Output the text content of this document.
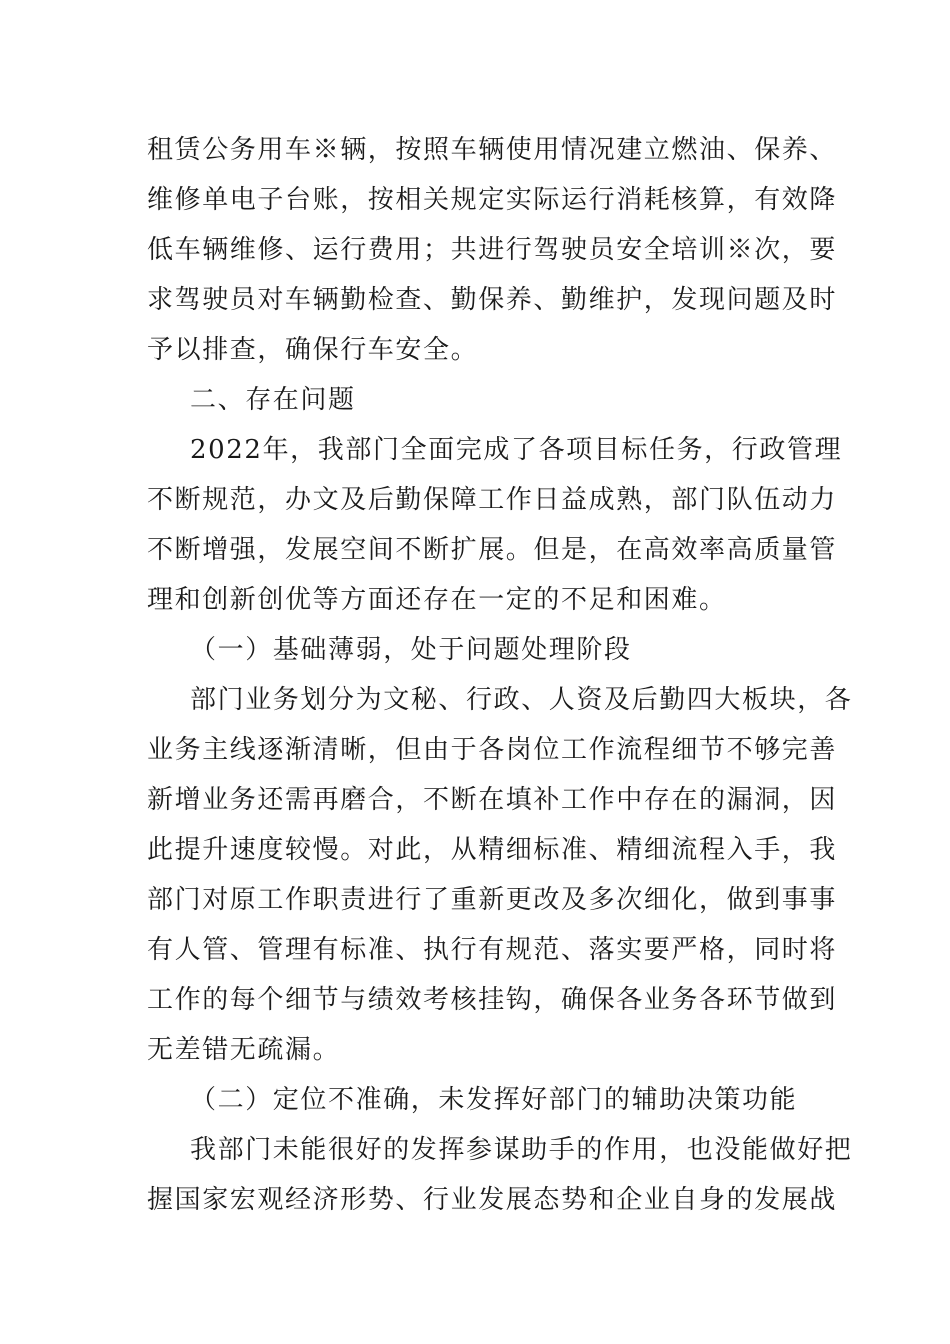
租赁公务用车※辆，按照车辆使用情况建立燃油、保养、
维修单电子台账，按相关规定实际运行消耗核算，有效降
低车辆维修、运行费用；共进行驾驶员安全培训※次，要
求驾驶员对车辆勤检查、勤保养、勤维护，发现问题及时
予以排查，确保行车安全。
二、存在问题
2022年，我部门全面完成了各项目标任务，行政管理
不断规范，办文及后勤保障工作日益成熟，部门队伍动力
不断增强，发展空间不断扩展。但是，在高效率高质量管
理和创新创优等方面还存在一定的不足和困难。
（一）基础薄弱，处于问题处理阶段
部门业务划分为文秘、行政、人资及后勤四大板块，各
业务主线逐渐清晰，但由于各岗位工作流程细节不够完善
新增业务还需再磨合，不断在填补工作中存在的漏洞，因
此提升速度较慢。对此，从精细标准、精细流程入手，我
部门对原工作职责进行了重新更改及多次细化，做到事事
有人管、管理有标准、执行有规范、落实要严格，同时将
工作的每个细节与绩效考核挂钩，确保各业务各环节做到
无差错无疏漏。
（二）定位不准确，未发挥好部门的辅助决策功能
我部门未能很好的发挥参谋助手的作用，也没能做好把
握国家宏观经济形势、行业发展态势和企业自身的发展战
